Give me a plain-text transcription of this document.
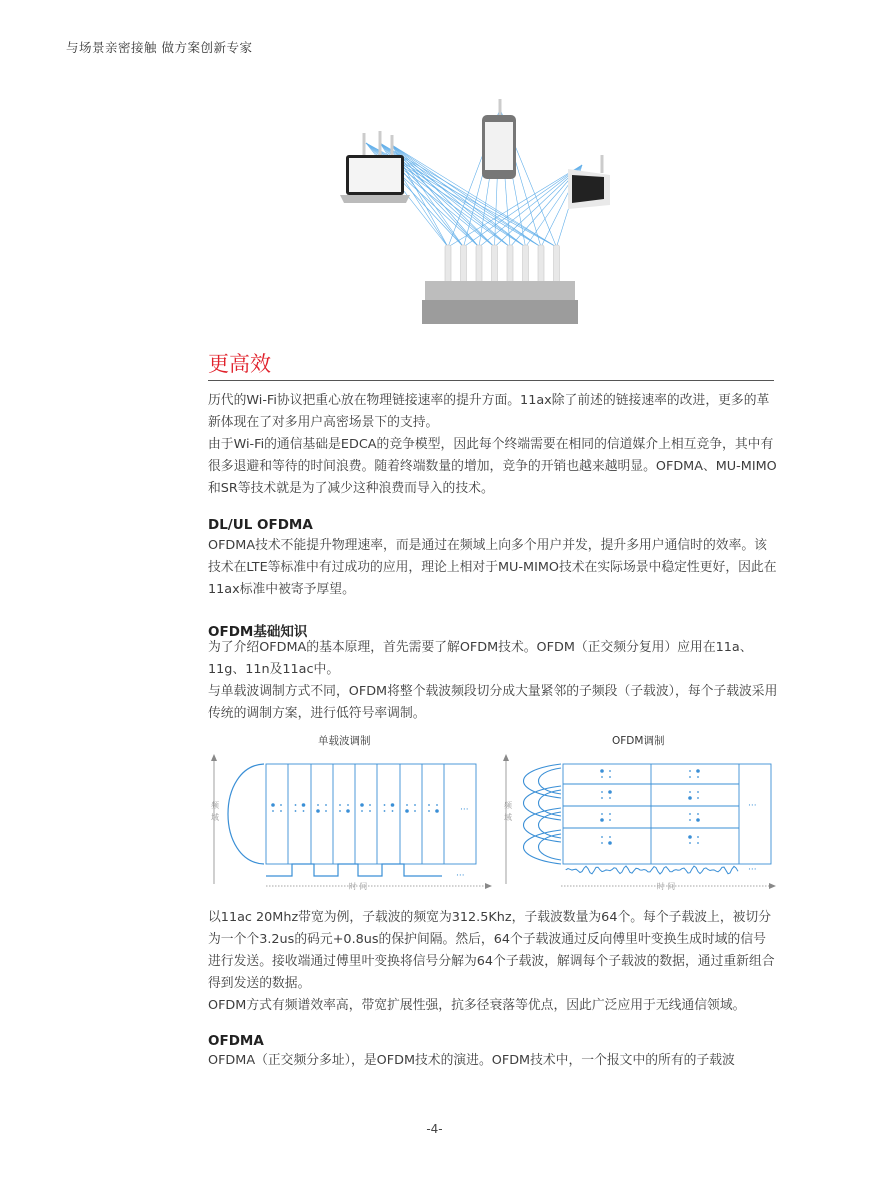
与场景亲密接触 做方案创新专家
更高效

历代的Wi-Fi协议把重心放在物理链接速率的提升方面。11ax除了前述的链接速率的改进，更多的革新体现在了对多用户高密场景下的支持。

由于Wi-Fi的通信基础是EDCA的竞争模型，因此每个终端需要在相同的信道媒介上相互竞争，其中有很多退避和等待的时间浪费。随着终端数量的增加，竞争的开销也越来越明显。OFDMA、MU-MIMO和SR等技术就是为了减少这种浪费而导入的技术。

DL/UL OFDMA

OFDMA技术不能提升物理速率，而是通过在频域上向多个用户并发，提升多用户通信时的效率。该技术在LTE等标准中有过成功的应用，理论上相对于MU-MIMO技术在实际场景中稳定性更好，因此在11ax标准中被寄予厚望。

OFDM基础知识

为了介绍OFDMA的基本原理，首先需要了解OFDM技术。OFDM（正交频分复用）应用在11a、11g、11n及11ac中。

与单载波调制方式不同，OFDM将整个载波频段切分成大量紧邻的子频段（子载波），每个子载波采用传统的调制方案，进行低符号率调制。

单载波调制	OFDM调制
频
域
时 间
···
···
频
域
时 间
···
···

以11ac 20Mhz带宽为例，子载波的频宽为312.5Khz，子载波数量为64个。每个子载波上，被切分为一个个3.2us的码元+0.8us的保护间隔。然后，64个子载波通过反向傅里叶变换生成时域的信号进行发送。接收端通过傅里叶变换将信号分解为64个子载波，解调每个子载波的数据，通过重新组合得到发送的数据。

OFDM方式有频谱效率高，带宽扩展性强，抗多径衰落等优点，因此广泛应用于无线通信领域。

OFDMA

OFDMA（正交频分多址），是OFDM技术的演进。OFDM技术中，一个报文中的所有的子载波

-4-
